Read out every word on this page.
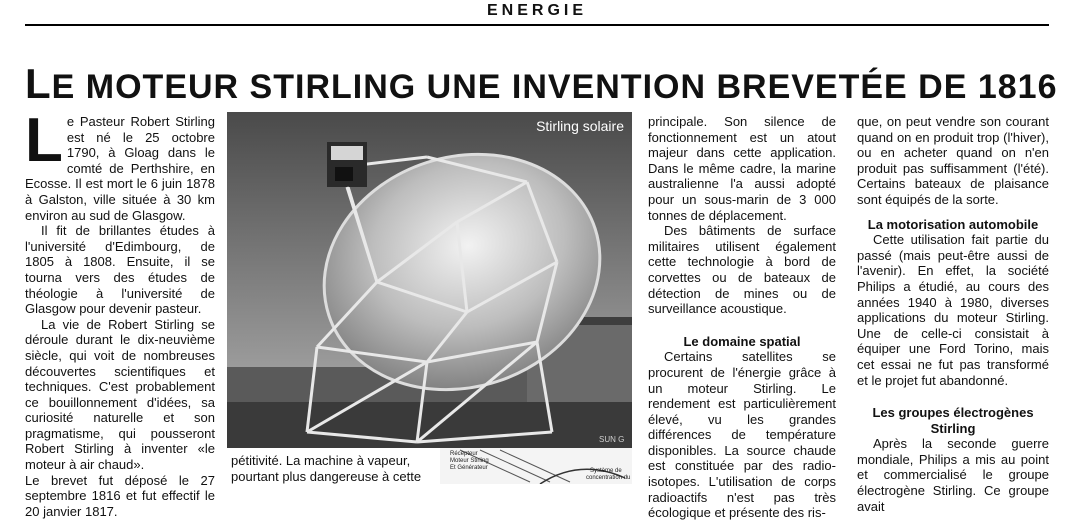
ENERGIE
LE MOTEUR STIRLING UNE INVENTION BREVETÉE DE 1816
L e Pasteur Robert Stirling est né le 25 octobre 1790, à Gloag dans le comté de Perthshire, en Ecosse. Il est mort le 6 juin 1878 à Galston, ville située à 30 km environ au sud de Glasgow.

Il fit de brillantes études à l'université d'Edimbourg, de 1805 à 1808. Ensuite, il se tourna vers des études de théologie à l'université de Glasgow pour devenir pasteur.

La vie de Robert Stirling se déroule durant le dix-neuvième siècle, qui voit de nombreuses découvertes scientifiques et techniques. C'est probablement ce bouillonnement d'idées, sa curiosité naturelle et son pragmatisme, qui pousseront Robert Stirling à inventer «le moteur à air chaud».

Le brevet fut déposé le 27 septembre 1816 et fut effectif le 20 janvier 1817.

SUN G
Stirling solaire

pétitivité. La machine à vapeur, pourtant plus dangereuse à cette

Récepteur
Moteur Stirling
Et Générateur	Système de
concentration du

principale. Son silence de fonctionnement est un atout majeur dans cette application. Dans le même cadre, la marine australienne l'a aussi adopté pour un sous-marin de 3 000 tonnes de déplacement.

Des bâtiments de surface militaires utilisent également cette technologie à bord de corvettes ou de bateaux de détection de mines ou de surveillance acoustique.

Le domaine spatial

Certains satellites se procurent de l'énergie grâce à un moteur Stirling. Le rendement est particulièrement élevé, vu les grandes différences de température disponibles. La source chaude est constituée par des radio-isotopes. L'utilisation de corps radioactifs n'est pas très écologique et présente des ris-

que, on peut vendre son courant quand on en produit trop (l'hiver), ou en acheter quand on n'en produit pas suffisamment (l'été). Certains bateaux de plaisance sont équipés de la sorte.

La motorisation automobile

Cette utilisation fait partie du passé (mais peut-être aussi de l'avenir). En effet, la société Philips a étudié, au cours des années 1940 à 1980, diverses applications du moteur Stirling. Une de celle-ci consistait à équiper une Ford Torino, mais cet essai ne fut pas transformé et le projet fut abandonné.

Les groupes électrogènes

Stirling

Après la seconde guerre mondiale, Philips a mis au point et commercialisé le groupe électrogène Stirling. Ce groupe avait
